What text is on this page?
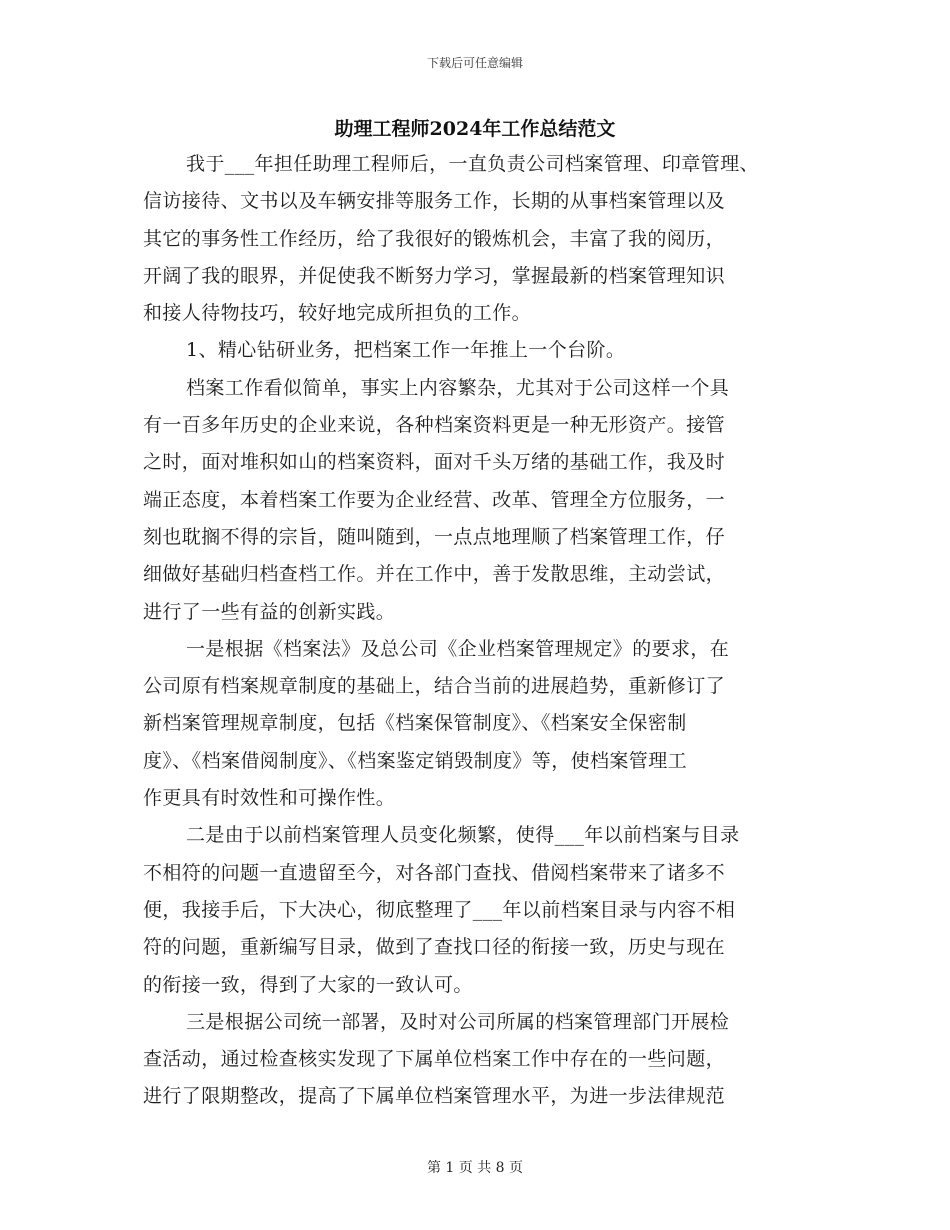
下载后可任意编辑
助理工程师2024年工作总结范文
我于___年担任助理工程师后，一直负责公司档案管理、印章管理、
信访接待、文书以及车辆安排等服务工作，长期的从事档案管理以及
其它的事务性工作经历，给了我很好的锻炼机会，丰富了我的阅历，
开阔了我的眼界，并促使我不断努力学习，掌握最新的档案管理知识
和接人待物技巧，较好地完成所担负的工作。
1、精心钻研业务，把档案工作一年推上一个台阶。
档案工作看似简单，事实上内容繁杂，尤其对于公司这样一个具
有一百多年历史的企业来说，各种档案资料更是一种无形资产。接管
之时，面对堆积如山的档案资料，面对千头万绪的基础工作，我及时
端正态度，本着档案工作要为企业经营、改革、管理全方位服务，一
刻也耽搁不得的宗旨，随叫随到，一点点地理顺了档案管理工作，仔
细做好基础归档查档工作。并在工作中，善于发散思维，主动尝试，
进行了一些有益的创新实践。
一是根据《档案法》及总公司《企业档案管理规定》的要求，在
公司原有档案规章制度的基础上，结合当前的进展趋势，重新修订了
新档案管理规章制度，包括《档案保管制度》、《档案安全保密制
度》、《档案借阅制度》、《档案鉴定销毁制度》等，使档案管理工
作更具有时效性和可操作性。
二是由于以前档案管理人员变化频繁，使得___年以前档案与目录
不相符的问题一直遗留至今，对各部门查找、借阅档案带来了诸多不
便，我接手后，下大决心，彻底整理了___年以前档案目录与内容不相
符的问题，重新编写目录，做到了查找口径的衔接一致，历史与现在
的衔接一致，得到了大家的一致认可。
三是根据公司统一部署，及时对公司所属的档案管理部门开展检
查活动，通过检查核实发现了下属单位档案工作中存在的一些问题，
进行了限期整改，提高了下属单位档案管理水平，为进一步法律规范
第 1 页 共 8 页
